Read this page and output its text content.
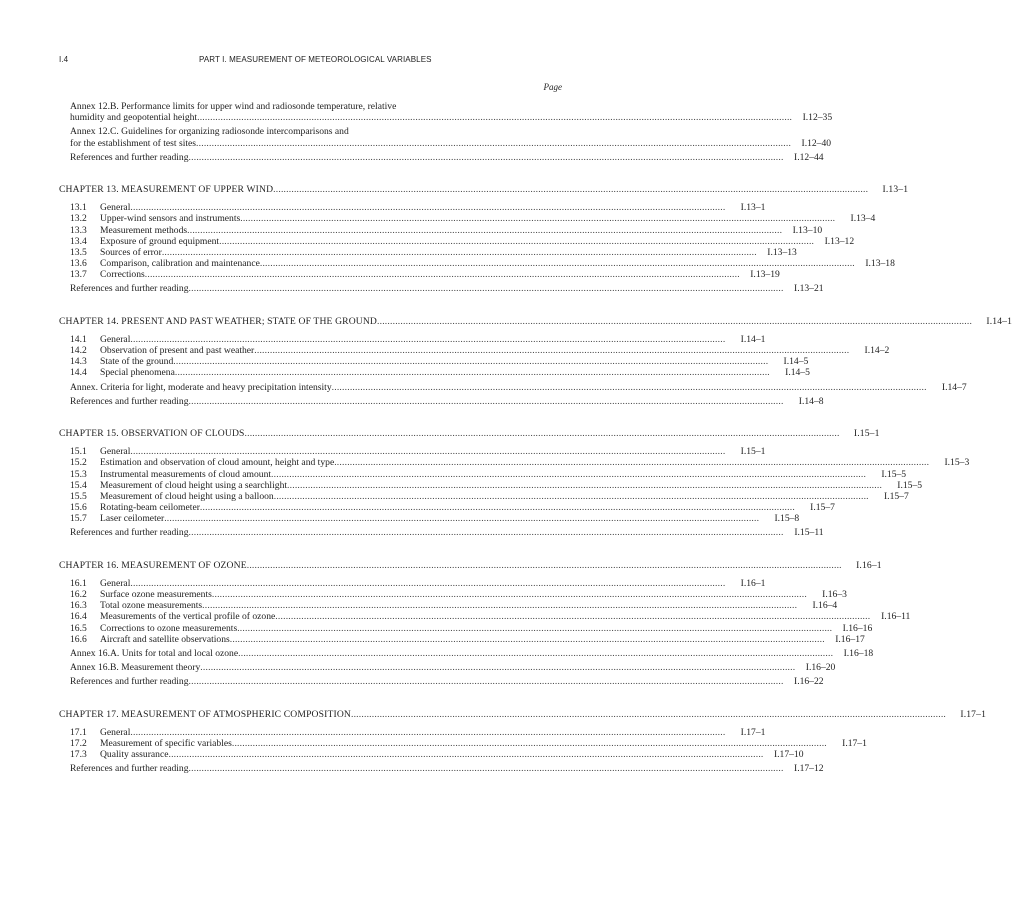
I.4	PART I. MEASUREMENT OF METEOROLOGICAL VARIABLES
Page
Annex 12.B. Performance limits for upper wind and radiosonde temperature, relative
humidity and geopotential height .....	I.12–35
Annex 12.C. Guidelines for organizing radiosonde intercomparisons and
for the establishment of test sites .....	I.12–40
References and further reading .....	I.12–44
CHAPTER 13. MEASUREMENT OF UPPER WIND .....	I.13–1
13.1	General .....	I.13–1
13.2	Upper-wind sensors and instruments .....	I.13–4
13.3	Measurement methods .....	I.13–10
13.4	Exposure of ground equipment .....	I.13–12
13.5	Sources of error .....	I.13–13
13.6	Comparison, calibration and maintenance .....	I.13–18
13.7	Corrections .....	I.13–19
References and further reading .....	I.13–21
CHAPTER 14. PRESENT AND PAST WEATHER; STATE OF THE GROUND .....	I.14–1
14.1	General .....	I.14–1
14.2	Observation of present and past weather .....	I.14–2
14.3	State of the ground .....	I.14–5
14.4	Special phenomena .....	I.14–5
Annex. Criteria for light, moderate and heavy precipitation intensity .....	I.14–7
References and further reading .....	I.14–8
CHAPTER 15. OBSERVATION OF CLOUDS .....	I.15–1
15.1	General .....	I.15–1
15.2	Estimation and observation of cloud amount, height and type .....	I.15–3
15.3	Instrumental measurements of cloud amount .....	I.15–5
15.4	Measurement of cloud height using a searchlight .....	I.15–5
15.5	Measurement of cloud height using a balloon .....	I.15–7
15.6	Rotating-beam ceilometer .....	I.15–7
15.7	Laser ceilometer .....	I.15–8
References and further reading .....	I.15–11
CHAPTER 16. MEASUREMENT OF OZONE .....	I.16–1
16.1	General .....	I.16–1
16.2	Surface ozone measurements .....	I.16–3
16.3	Total ozone measurements .....	I.16–4
16.4	Measurements of the vertical profile of ozone .....	I.16–11
16.5	Corrections to ozone measurements .....	I.16–16
16.6	Aircraft and satellite observations .....	I.16–17
Annex 16.A. Units for total and local ozone .....	I.16–18
Annex 16.B. Measurement theory .....	I.16–20
References and further reading .....	I.16–22
CHAPTER 17. MEASUREMENT OF ATMOSPHERIC COMPOSITION .....	I.17–1
17.1	General .....	I.17–1
17.2	Measurement of specific variables .....	I.17–1
17.3	Quality assurance .....	I.17–10
References and further reading .....	I.17–12
